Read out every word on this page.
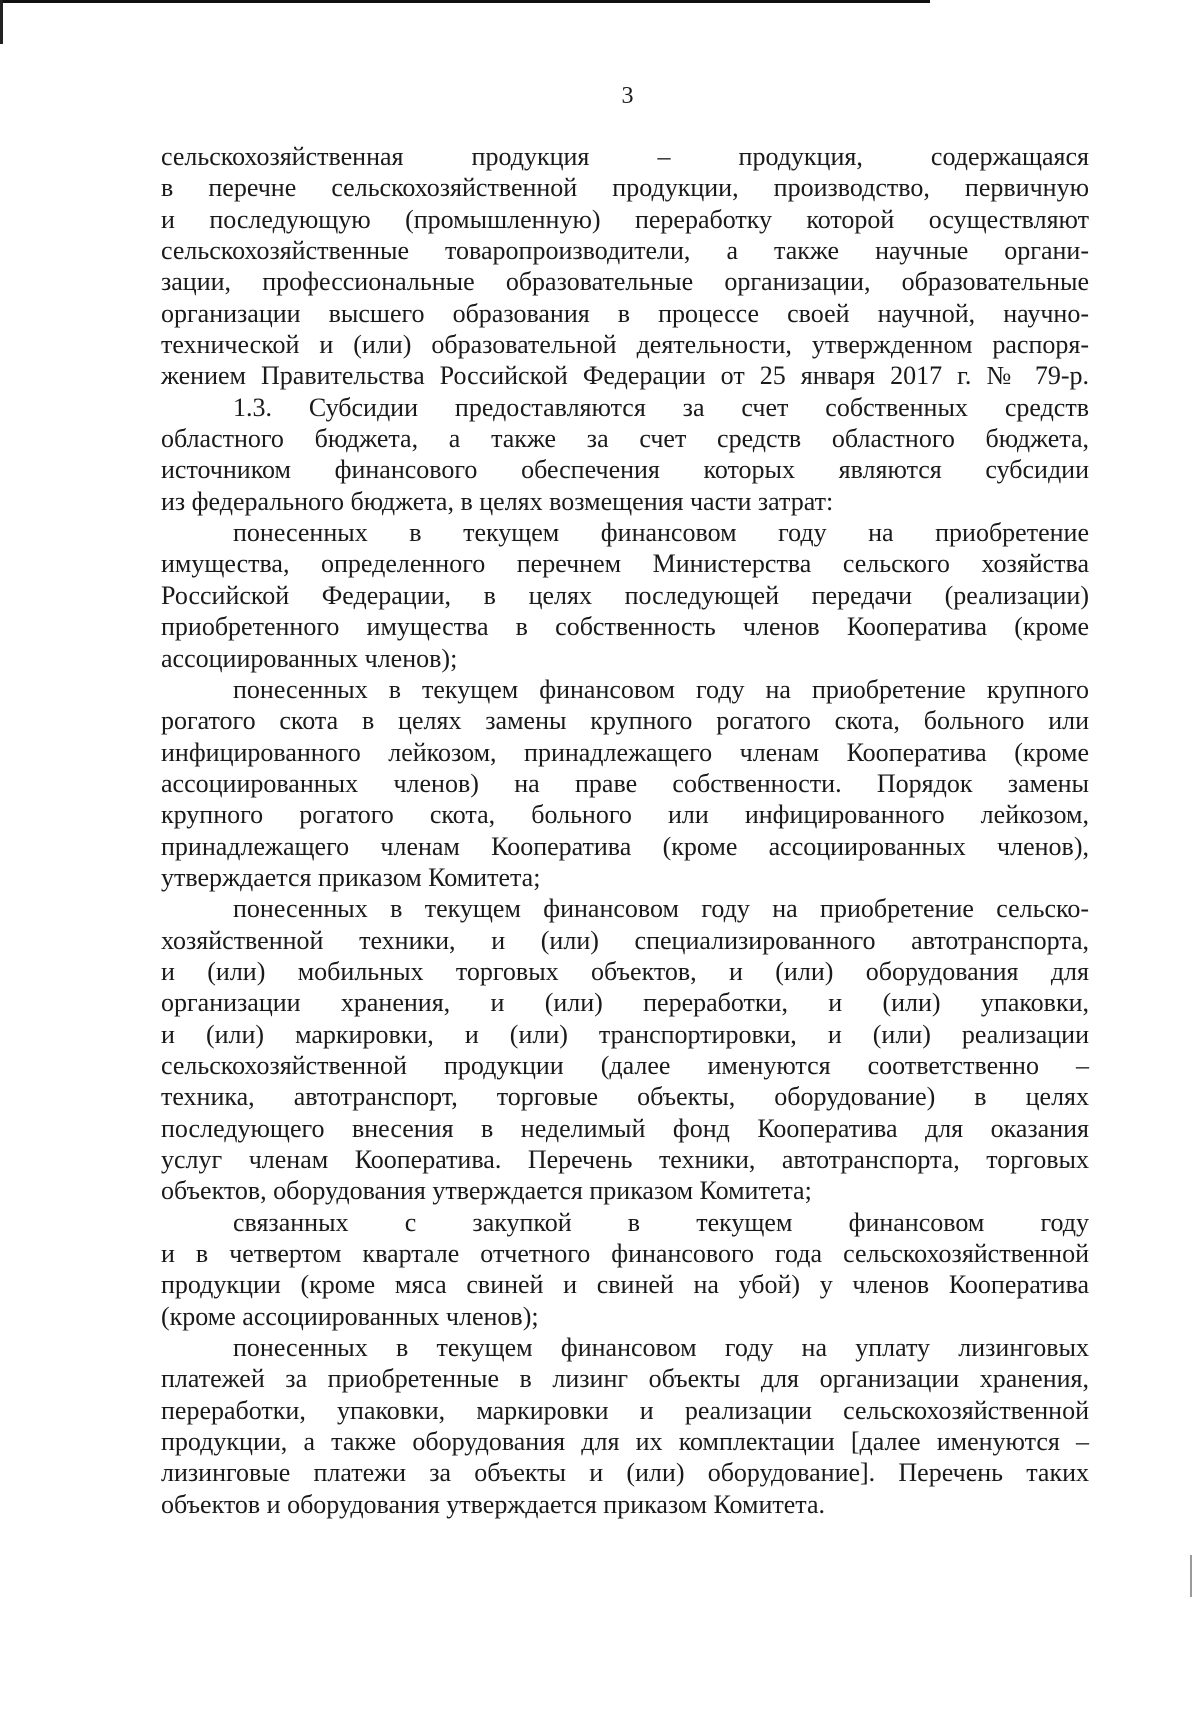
3

сельскохозяйственная продукция – продукция, содержащаяся
в перечне сельскохозяйственной продукции, производство, первичную
и последующую (промышленную) переработку которой осуществляют
сельскохозяйственные товаропроизводители, а также научные органи-
зации, профессиональные образовательные организации, образовательные
организации высшего образования в процессе своей научной, научно-
технической и (или) образовательной деятельности, утвержденном распоря-
жением Правительства Российской Федерации от 25 января 2017 г. № 79-р.

1.3. Субсидии предоставляются за счет собственных средств
областного бюджета, а также за счет средств областного бюджета,
источником финансового обеспечения которых являются субсидии
из федерального бюджета, в целях возмещения части затрат:

понесенных в текущем финансовом году на приобретение
имущества, определенного перечнем Министерства сельского хозяйства
Российской Федерации, в целях последующей передачи (реализации)
приобретенного имущества в собственность членов Кооператива (кроме
ассоциированных членов);

понесенных в текущем финансовом году на приобретение крупного
рогатого скота в целях замены крупного рогатого скота, больного или
инфицированного лейкозом, принадлежащего членам Кооператива (кроме
ассоциированных членов) на праве собственности. Порядок замены
крупного рогатого скота, больного или инфицированного лейкозом,
принадлежащего членам Кооператива (кроме ассоциированных членов),
утверждается приказом Комитета;

понесенных в текущем финансовом году на приобретение сельско-
хозяйственной техники, и (или) специализированного автотранспорта,
и (или) мобильных торговых объектов, и (или) оборудования для
организации хранения, и (или) переработки, и (или) упаковки,
и (или) маркировки, и (или) транспортировки, и (или) реализации
сельскохозяйственной продукции (далее именуются соответственно –
техника, автотранспорт, торговые объекты, оборудование) в целях
последующего внесения в неделимый фонд Кооператива для оказания
услуг членам Кооператива. Перечень техники, автотранспорта, торговых
объектов, оборудования утверждается приказом Комитета;

связанных с закупкой в текущем финансовом году
и в четвертом квартале отчетного финансового года сельскохозяйственной
продукции (кроме мяса свиней и свиней на убой) у членов Кооператива
(кроме ассоциированных членов);

понесенных в текущем финансовом году на уплату лизинговых
платежей за приобретенные в лизинг объекты для организации хранения,
переработки, упаковки, маркировки и реализации сельскохозяйственной
продукции, а также оборудования для их комплектации [далее именуются –
лизинговые платежи за объекты и (или) оборудование]. Перечень таких
объектов и оборудования утверждается приказом Комитета.
